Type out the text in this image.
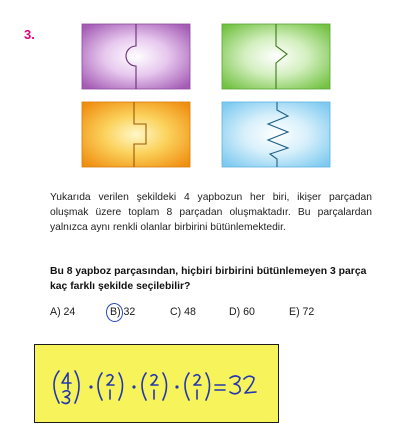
3.
Yukarıda verilen şekildeki 4 yapbozun her biri, ikişer parçadan oluşmak üzere toplam 8 parçadan oluşmaktadır. Bu parçalardan yalnızca aynı renkli olanlar birbirini bütünlemektedir.
Bu 8 yapboz parçasından, hiçbiri birbirini bütünlemeyen 3 parça kaç farklı şekilde seçilebilir?
A) 24	B) 32	C) 48	D) 60	E) 72
